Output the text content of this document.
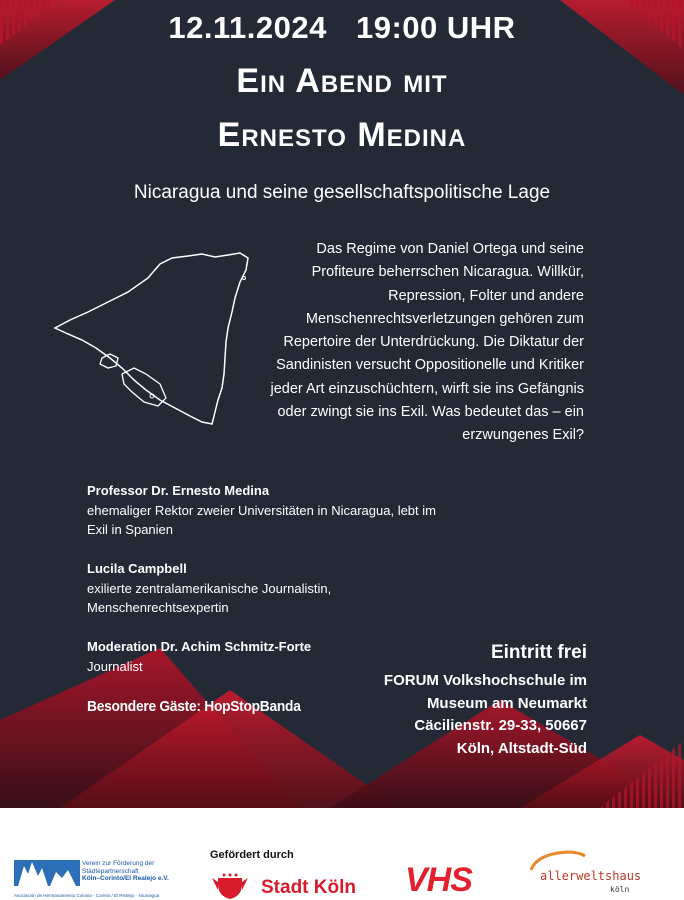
12.11.2024 19:00 UHR
Ein Abend mit
Ernesto Medina
Nicaragua und seine gesellschaftspolitische Lage
Das Regime von Daniel Ortega und seine Profiteure beherrschen Nicaragua. Willkür, Repression, Folter und andere Menschenrechtsverletzungen gehören zum Repertoire der Unterdrückung. Die Diktatur der Sandinisten versucht Oppositionelle und Kritiker jeder Art einzuschüchtern, wirft sie ins Gefängnis oder zwingt sie ins Exil. Was bedeutet das – ein erzwungenes Exil?
Professor Dr. Ernesto Medina
ehemaliger Rektor zweier Universitäten in Nicaragua, lebt im Exil in Spanien
Lucila Campbell
exilierte zentralamerikanische Journalistin, Menschenrechtsexpertin
Moderation Dr. Achim Schmitz-Forte
Journalist
Besondere Gäste: HopStopBanda
Eintritt frei
FORUM Volkshochschule im
Museum am Neumarkt
Cäcilienstr. 29-33, 50667
Köln, Altstadt-Süd
Verein zur Förderung der
Städtepartnerschaft
Köln–Corinto/El Realejo e.V.
Asociación de Hermanamiento Colonia - Corinto / El Realejo · Nicaragua
Gefördert durch
Stadt Köln VHS	allerweltshaus
köln
